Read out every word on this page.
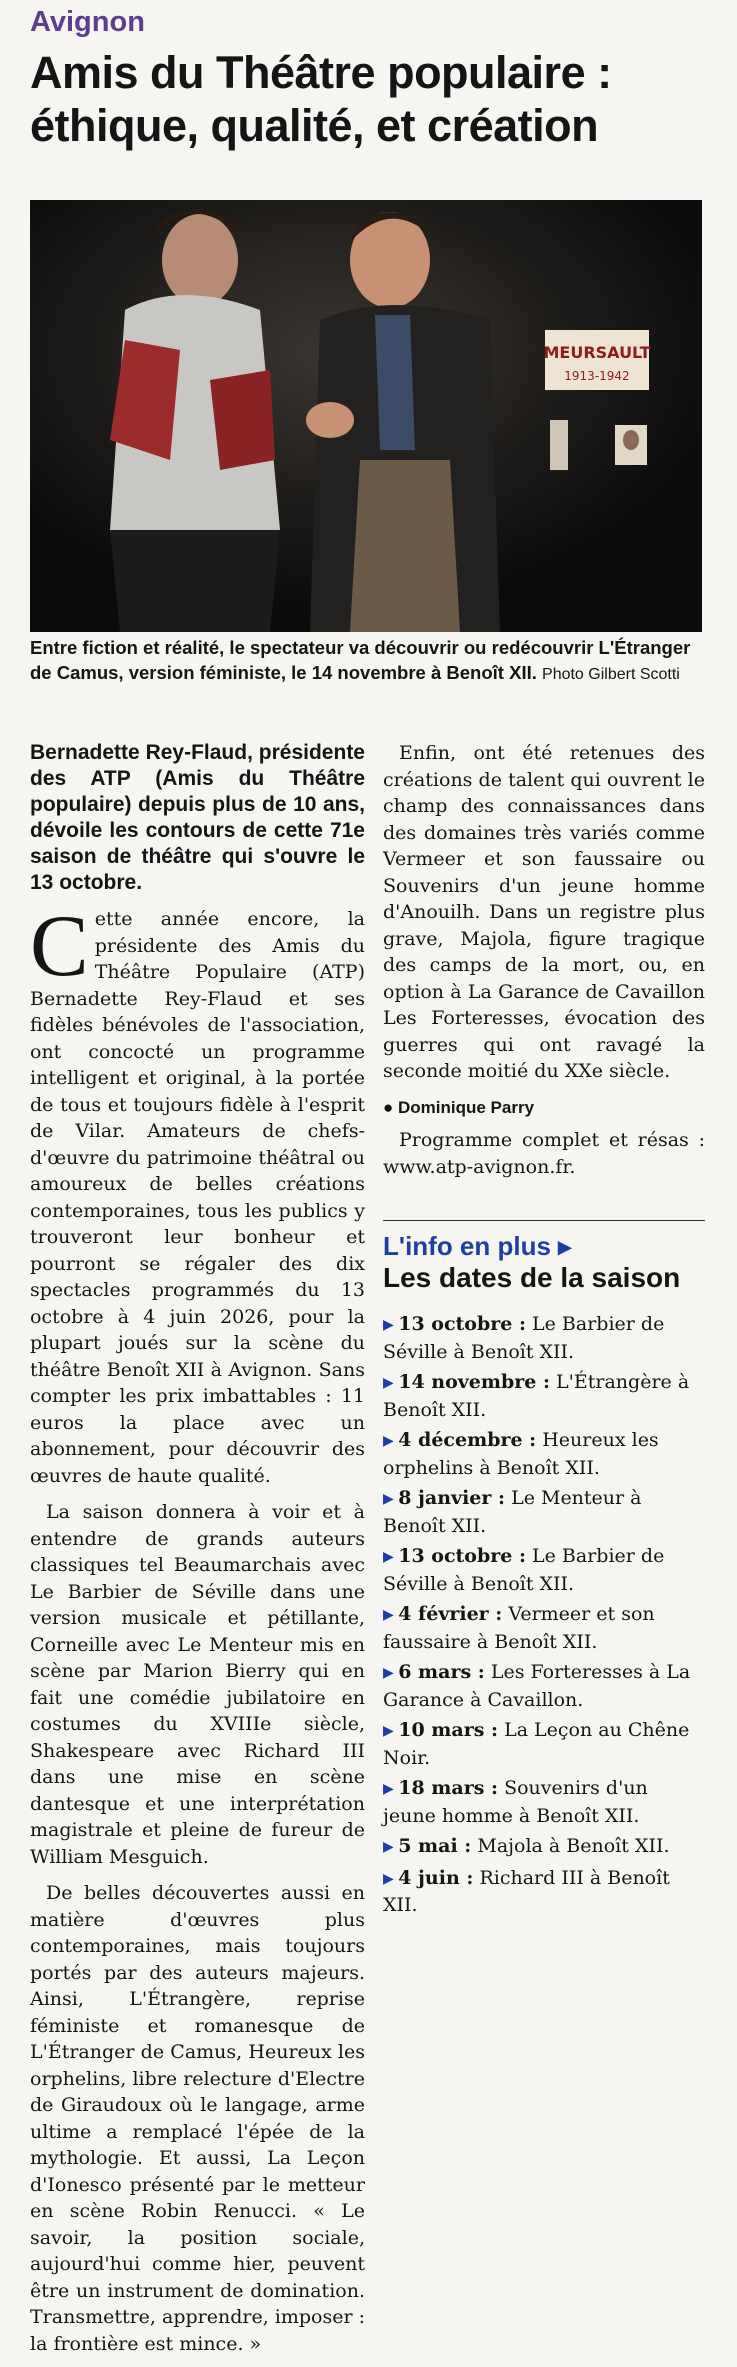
Avignon
Amis du Théâtre populaire :
éthique, qualité, et création
MEURSAULT
1913-1942
Entre fiction et réalité, le spectateur va découvrir ou redécouvrir L'Étranger de Camus, version féministe, le 14 novembre à Benoît XII. Photo Gilbert Scotti

Bernadette Rey-Flaud, présidente des ATP (Amis du Théâtre populaire) depuis plus de 10 ans, dévoile les contours de cette 71e saison de théâtre qui s'ouvre le 13 octobre.

C ette année encore, la présidente des Amis du Théâtre Populaire (ATP) Bernadette Rey-Flaud et ses fidèles bénévoles de l'association, ont concocté un programme intelligent et original, à la portée de tous et toujours fidèle à l'esprit de Vilar. Amateurs de chefs-d'œuvre du patrimoine théâtral ou amoureux de belles créations contemporaines, tous les publics y trouveront leur bonheur et pourront se régaler des dix spectacles programmés du 13 octobre à 4 juin 2026, pour la plupart joués sur la scène du théâtre Benoît XII à Avignon. Sans compter les prix imbattables : 11 euros la place avec un abonnement, pour découvrir des œuvres de haute qualité.

La saison donnera à voir et à entendre de grands auteurs classiques tel Beaumarchais avec Le Barbier de Séville dans une version musicale et pétillante, Corneille avec Le Menteur mis en scène par Marion Bierry qui en fait une comédie jubilatoire en costumes du XVIIIe siècle, Shakespeare avec Richard III dans une mise en scène dantesque et une interprétation magistrale et pleine de fureur de William Mesguich.

De belles découvertes aussi en matière d'œuvres plus contemporaines, mais toujours portés par des auteurs majeurs. Ainsi, L'Étrangère, reprise féministe et romanesque de L'Étranger de Camus, Heureux les orphelins, libre relecture d'Electre de Giraudoux où le langage, arme ultime a remplacé l'épée de la mythologie. Et aussi, La Leçon d'Ionesco présenté par le metteur en scène Robin Renucci. « Le savoir, la position sociale, aujourd'hui comme hier, peuvent être un instrument de domination. Transmettre, apprendre, imposer : la frontière est mince. »

Enfin, ont été retenues des créations de talent qui ouvrent le champ des connaissances dans des domaines très variés comme Vermeer et son faussaire ou Souvenirs d'un jeune homme d'Anouilh. Dans un registre plus grave, Majola, figure tragique des camps de la mort, ou, en option à La Garance de Cavaillon Les Forteresses, évocation des guerres qui ont ravagé la seconde moitié du XXe siècle.

● Dominique Parry

Programme complet et résas : www.atp-avignon.fr.

L'info en plus ▸
Les dates de la saison
▶ 13 octobre : Le Barbier de Séville à Benoît XII.
▶ 14 novembre : L'Étrangère à Benoît XII.
▶ 4 décembre : Heureux les orphelins à Benoît XII.
▶ 8 janvier : Le Menteur à Benoît XII.
▶ 13 octobre : Le Barbier de Séville à Benoît XII.
▶ 4 février : Vermeer et son faussaire à Benoît XII.
▶ 6 mars : Les Forteresses à La Garance à Cavaillon.
▶ 10 mars : La Leçon au Chêne Noir.
▶ 18 mars : Souvenirs d'un jeune homme à Benoît XII.
▶ 5 mai : Majola à Benoît XII.
▶ 4 juin : Richard III à Benoît XII.
